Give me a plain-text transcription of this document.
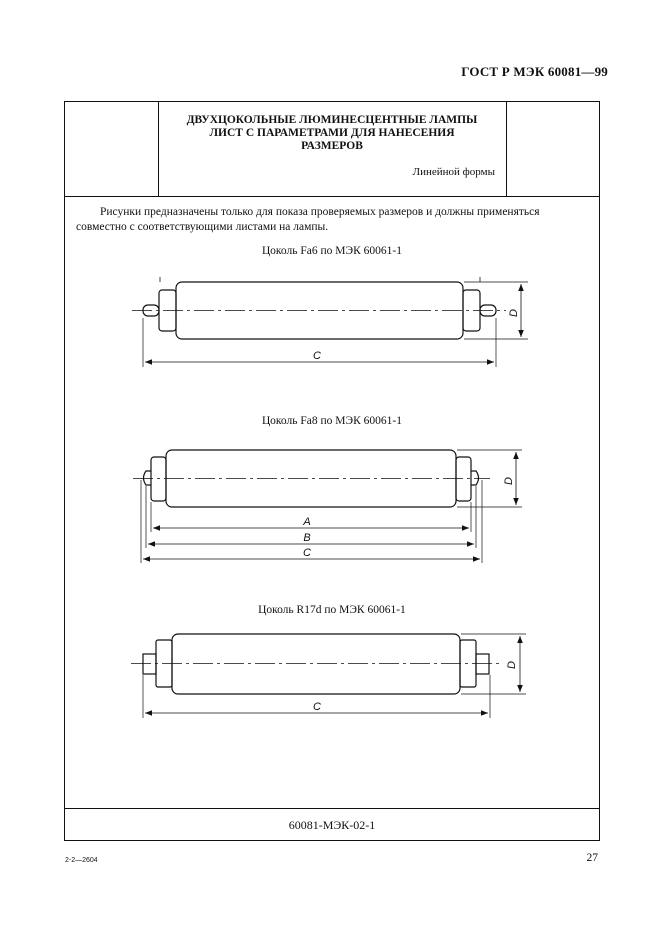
ГОСТ Р МЭК 60081—99
ДВУХЦОКОЛЬНЫЕ ЛЮМИНЕСЦЕНТНЫЕ ЛАМПЫ
ЛИСТ С ПАРАМЕТРАМИ ДЛЯ НАНЕСЕНИЯ
РАЗМЕРОВ
Линейной формы
Рисунки предназначены только для показа проверяемых размеров и должны применяться совместно с соответствующими листами на лампы.
Цоколь Fa6 по МЭК 60061-1
Цоколь Fa8 по МЭК 60061-1
Цоколь R17d по МЭК 60061-1
D
C
D
A
B
C
D
C
60081-МЭК-02-1
2-2—2604	27
